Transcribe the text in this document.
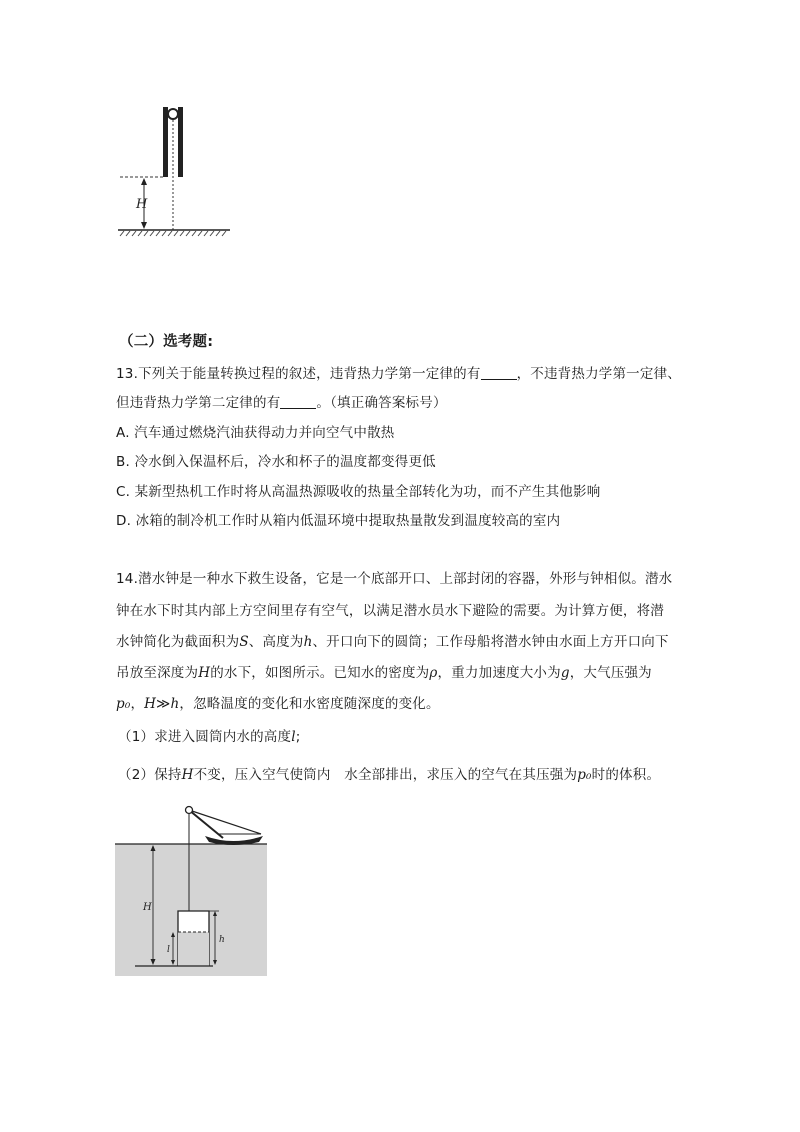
H
（二）选考题:
13.下列关于能量转换过程的叙述，违背热力学第一定律的有	，不违背热力学第一定律、
但违背热力学第二定律的有	。（填正确答案标号）
A. 汽车通过燃烧汽油获得动力并向空气中散热
B. 冷水倒入保温杯后，冷水和杯子的温度都变得更低
C. 某新型热机工作时将从高温热源吸收的热量全部转化为功，而不产生其他影响
D. 冰箱的制冷机工作时从箱内低温环境中提取热量散发到温度较高的室内
14.潜水钟是一种水下救生设备，它是一个底部开口、上部封闭的容器，外形与钟相似。潜水
钟在水下时其内部上方空间里存有空气，以满足潜水员水下避险的需要。为计算方便，将潜
水钟简化为截面积为S、高度为h、开口向下的圆筒；工作母船将潜水钟由水面上方开口向下
吊放至深度为H的水下，如图所示。已知水的密度为ρ，重力加速度大小为g，大气压强为
p₀，H≫h，忽略温度的变化和水密度随深度的变化。
（1）求进入圆筒内水的高度l;
（2）保持H不变，压入空气使筒内　水全部排出，求压入的空气在其压强为p₀时的体积。
H
l
h
